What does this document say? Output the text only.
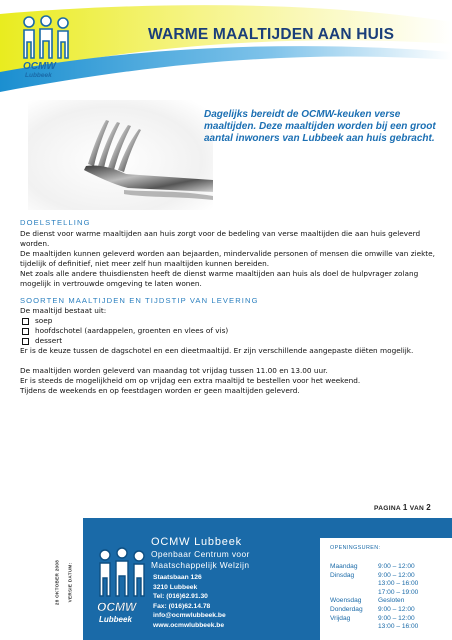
OCMW
Lubbeek
WARME MAALTIJDEN AAN HUIS
Dagelijks bereidt de OCMW-keuken verse maaltijden. Deze maaltijden worden bij een groot aantal inwoners van Lubbeek aan huis gebracht.
DOELSTELLING

De dienst voor warme maaltijden aan huis zorgt voor de bedeling van verse maaltijden die aan huis geleverd worden.

De maaltijden kunnen geleverd worden aan bejaarden, mindervalide personen of mensen die omwille van ziekte, tijdelijk of definitief, niet meer zelf hun maaltijden kunnen bereiden.

Net zoals alle andere thuisdiensten heeft de dienst warme maaltijden aan huis als doel de hulpvrager zolang mogelijk in vertrouwde omgeving te laten wonen.

SOORTEN MAALTIJDEN EN TIJDSTIP VAN LEVERING

De maaltijd bestaat uit:

soep
hoofdschotel (aardappelen, groenten en vlees of vis)
dessert

Er is de keuze tussen de dagschotel en een dieetmaaltijd. Er zijn verschillende aangepaste diëten mogelijk.

De maaltijden worden geleverd van maandag tot vrijdag tussen 11.00 en 13.00 uur.

Er is steeds de mogelijkheid om op vrijdag een extra maaltijd te bestellen voor het weekend.

Tijdens de weekends en op feestdagen worden er geen maaltijden geleverd.

PAGINA 1 VAN 2
OCMW
Lubbeek
OCMW Lubbeek
Openbaar Centrum voor
Maatschappelijk Welzijn
Staatsbaan 126
3210 Lubbeek
Tel: (016)62.91.30
Fax: (016)62.14.78
info@ocmwlubbeek.be
www.ocmwlubbeek.be
OPENINGSUREN:
Maandag	9:00 – 12:00
Dinsdag	9:00 – 12:00
13:00 – 16:00
17:00 – 19:00
Woensdag	Gesloten
Donderdag	9:00 – 12:00
Vrijdag	9:00 – 12:00
13:00 – 16:00
VERSIE DATUM:
28 OKTOBER 2008
